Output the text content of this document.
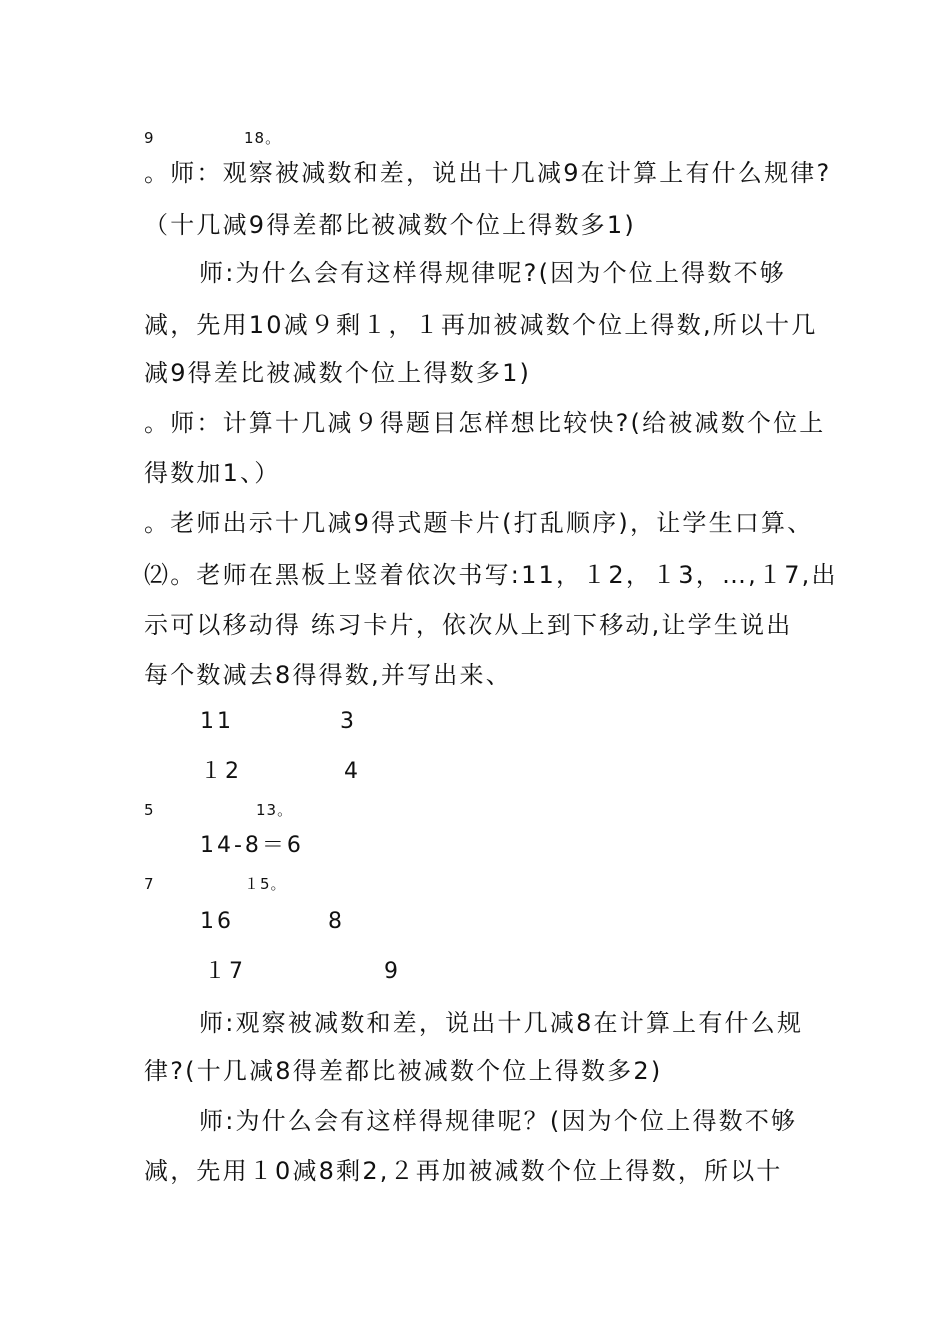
9	18。
。师：观察被减数和差，说出十几减9在计算上有什么规律?
（十几减9得差都比被减数个位上得数多1)
师:为什么会有这样得规律呢?(因为个位上得数不够
减，先用10减９剩１，１再加被减数个位上得数,所以十几
减9得差比被减数个位上得数多1)
。师：计算十几减９得题目怎样想比较快?(给被减数个位上
得数加1、）
。老师出示十几减9得式题卡片(打乱顺序)，让学生口算、
⑵。老师在黑板上竖着依次书写:11，１2，１3，…,１7,出
示可以移动得 练习卡片，依次从上到下移动,让学生说出
每个数减去8得得数,并写出来、
11	3
１2	4
5	13。
14-8＝6
7	１5。
16	8
１7	9
师:观察被减数和差，说出十几减8在计算上有什么规
律?(十几减8得差都比被减数个位上得数多2)
师:为什么会有这样得规律呢？(因为个位上得数不够
减，先用１0减8剩2,２再加被减数个位上得数，所以十
